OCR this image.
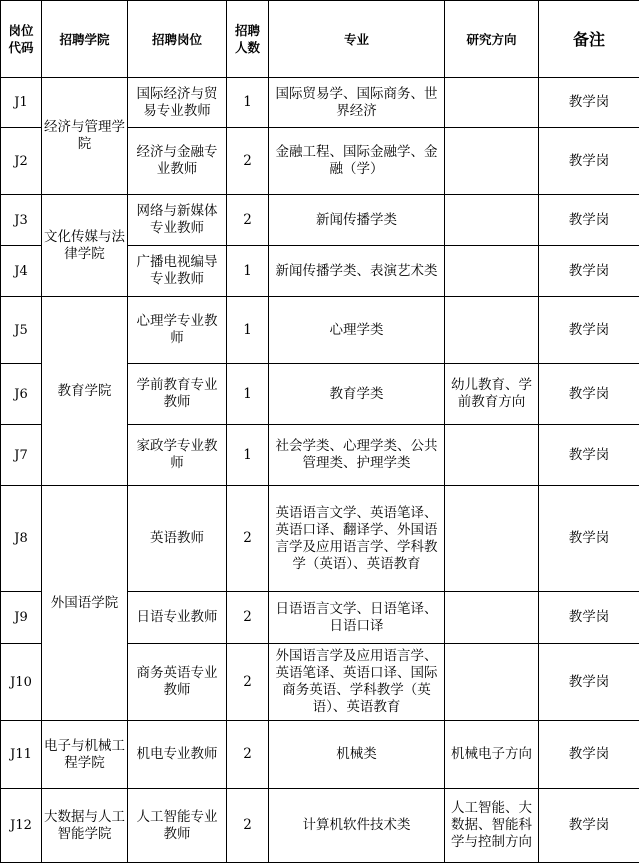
岗位代码	招聘学院	招聘岗位	招聘人数	专业	研究方向	备注
J1	经济与管理学院	国际经济与贸易专业教师	1	国际贸易学、国际商务、世界经济		教学岗
J2		经济与金融专业教师	2	金融工程、国际金融学、金融（学）		教学岗
J3	文化传媒与法律学院	网络与新媒体专业教师	2	新闻传播学类		教学岗
J4		广播电视编导专业教师	1	新闻传播学类、表演艺术类		教学岗
J5	教育学院	心理学专业教师	1	心理学类		教学岗
J6		学前教育专业教师	1	教育学类	幼儿教育、学前教育方向	教学岗
J7		家政学专业教师	1	社会学类、心理学类、公共管理类、护理学类		教学岗
J8	外国语学院	英语教师	2	英语语言文学、英语笔译、英语口译、翻译学、外国语言学及应用语言学、学科教学（英语）、英语教育		教学岗
J9		日语专业教师	2	日语语言文学、日语笔译、日语口译		教学岗
J10		商务英语专业教师	2	外国语言学及应用语言学、英语笔译、英语口译、国际商务英语、学科教学（英语）、英语教育		教学岗
J11	电子与机械工程学院	机电专业教师	2	机械类	机械电子方向	教学岗
J12	大数据与人工智能学院	人工智能专业教师	2	计算机软件技术类	人工智能、大数据、智能科学与控制方向	教学岗
